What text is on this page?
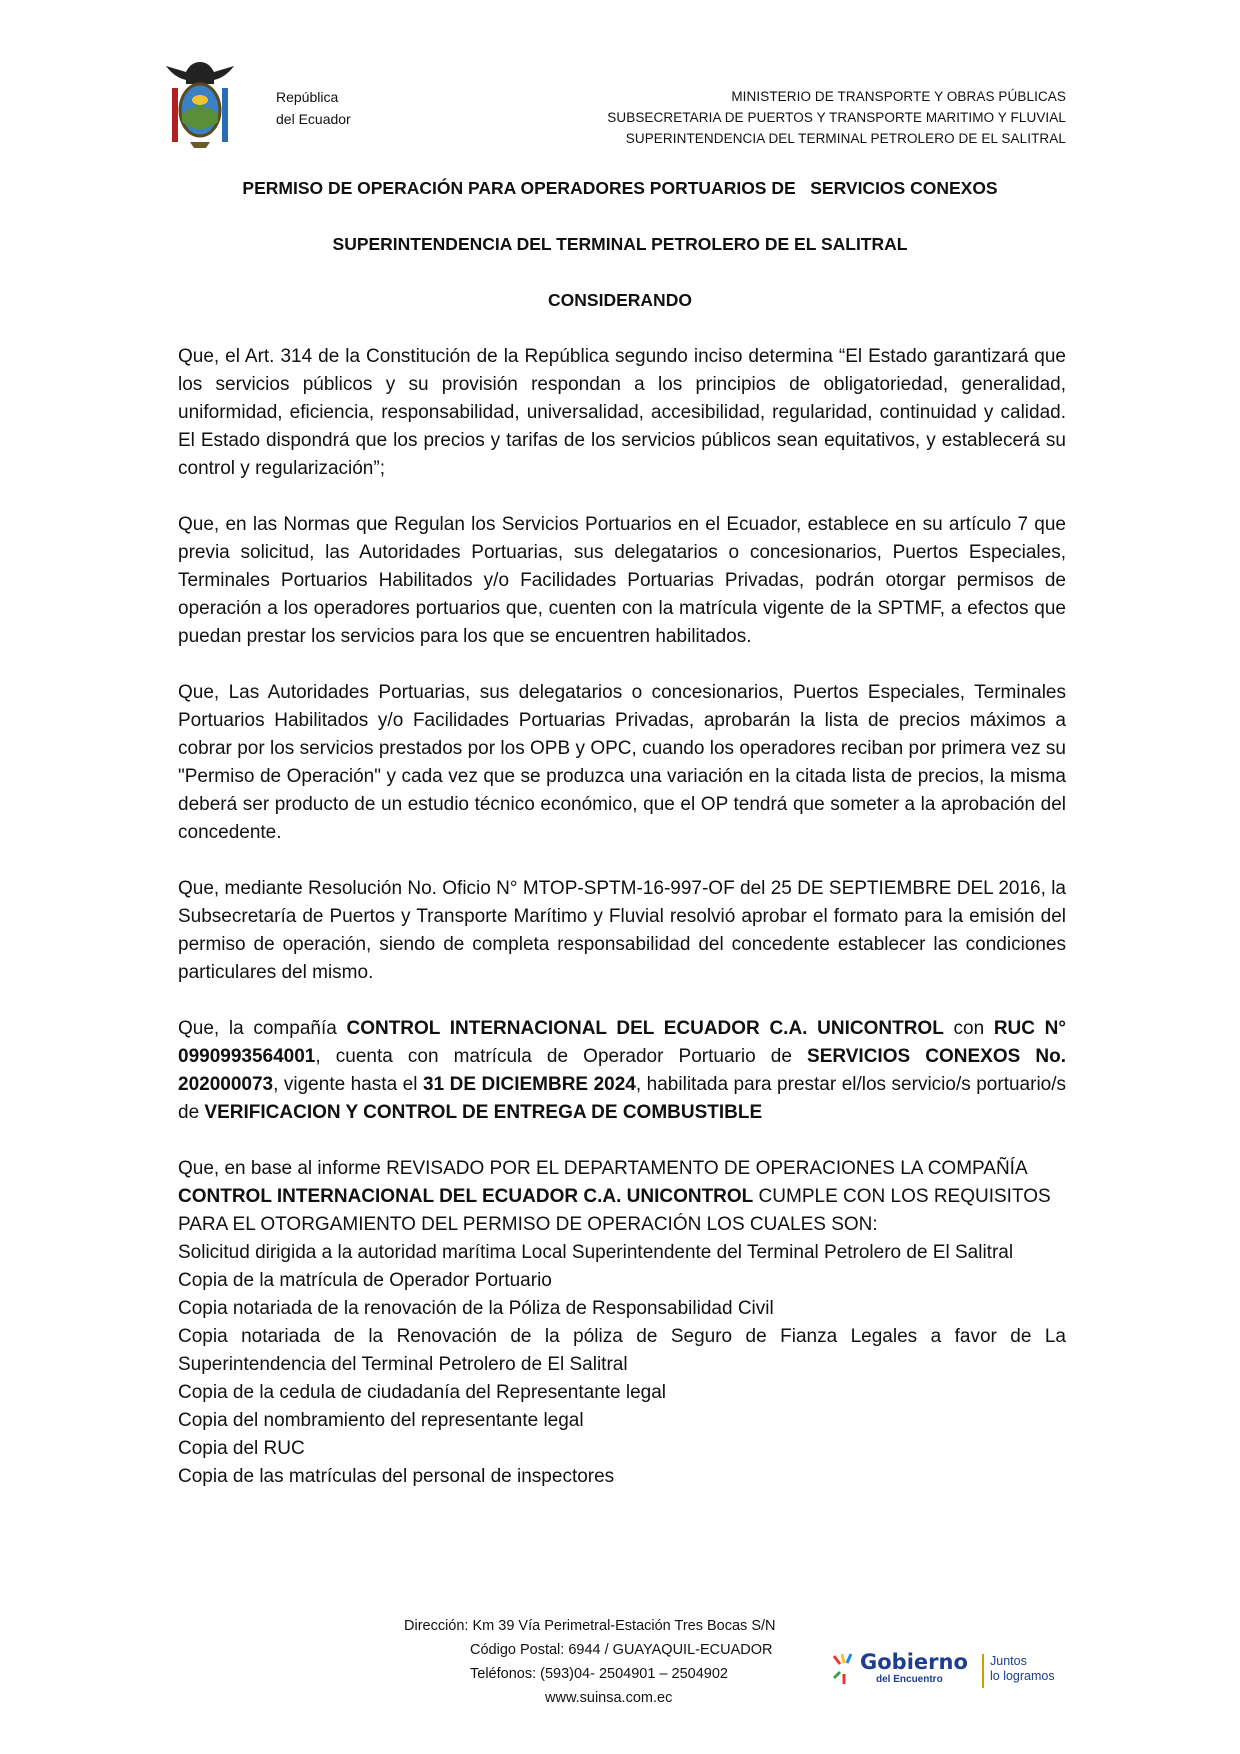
República
del Ecuador
MINISTERIO DE TRANSPORTE Y OBRAS PÚBLICAS
SUBSECRETARIA DE PUERTOS Y TRANSPORTE MARITIMO Y FLUVIAL
SUPERINTENDENCIA DEL TERMINAL PETROLERO DE EL SALITRAL
PERMISO DE OPERACIÓN PARA OPERADORES PORTUARIOS DE   SERVICIOS CONEXOS
SUPERINTENDENCIA DEL TERMINAL PETROLERO DE EL SALITRAL
CONSIDERANDO

Que, el Art. 314 de la Constitución de la República segundo inciso determina “El Estado garantizará que los servicios públicos y su provisión respondan a los principios de obligatoriedad, generalidad, uniformidad, eficiencia, responsabilidad, universalidad, accesibilidad, regularidad, continuidad y calidad. El Estado dispondrá que los precios y tarifas de los servicios públicos sean equitativos, y establecerá su control y regularización”;

Que, en las Normas que Regulan los Servicios Portuarios en el Ecuador, establece en su artículo 7 que previa solicitud, las Autoridades Portuarias, sus delegatarios o concesionarios, Puertos Especiales, Terminales Portuarios Habilitados y/o Facilidades Portuarias Privadas, podrán otorgar permisos de operación a los operadores portuarios que, cuenten con la matrícula vigente de la SPTMF, a efectos que puedan prestar los servicios para los que se encuentren habilitados.

Que, Las Autoridades Portuarias, sus delegatarios o concesionarios, Puertos Especiales, Terminales Portuarios Habilitados y/o Facilidades Portuarias Privadas, aprobarán la lista de precios máximos a cobrar por los servicios prestados por los OPB y OPC, cuando los operadores reciban por primera vez su "Permiso de Operación" y cada vez que se produzca una variación en la citada lista de precios, la misma deberá ser producto de un estudio técnico económico, que el OP tendrá que someter a la aprobación del concedente.

Que, mediante Resolución No. Oficio N° MTOP-SPTM-16-997-OF del 25 DE SEPTIEMBRE DEL 2016, la Subsecretaría de Puertos y Transporte Marítimo y Fluvial resolvió aprobar el formato para la emisión del permiso de operación, siendo de completa responsabilidad del concedente establecer las condiciones particulares del mismo.

Que, la compañía CONTROL INTERNACIONAL DEL ECUADOR C.A. UNICONTROL con RUC N° 0990993564001, cuenta con matrícula de Operador Portuario de SERVICIOS CONEXOS No. 202000073, vigente hasta el 31 DE DICIEMBRE 2024, habilitada para prestar el/los servicio/s portuario/s de VERIFICACION Y CONTROL DE ENTREGA DE COMBUSTIBLE

Que, en base al informe REVISADO POR EL DEPARTAMENTO DE OPERACIONES LA COMPAÑÍA CONTROL INTERNACIONAL DEL ECUADOR C.A. UNICONTROL CUMPLE CON LOS REQUISITOS PARA EL OTORGAMIENTO DEL PERMISO DE OPERACIÓN LOS CUALES SON:

Solicitud dirigida a la autoridad marítima Local Superintendente del Terminal Petrolero de El Salitral

Copia de la matrícula de Operador Portuario

Copia notariada de la renovación de la Póliza de Responsabilidad Civil

Copia notariada de la Renovación de la póliza de Seguro de Fianza Legales a favor de La Superintendencia del Terminal Petrolero de El Salitral

Copia de la cedula de ciudadanía del Representante legal

Copia del nombramiento del representante legal

Copia del RUC

Copia de las matrículas del personal de inspectores

Dirección: Km 39 Vía Perimetral-Estación Tres Bocas S/N
Código Postal: 6944 / GUAYAQUIL-ECUADOR
Teléfonos: (593)04- 2504901 – 2504902
www.suinsa.com.ec
Gobierno
del Encuentro
Juntos
lo logramos
